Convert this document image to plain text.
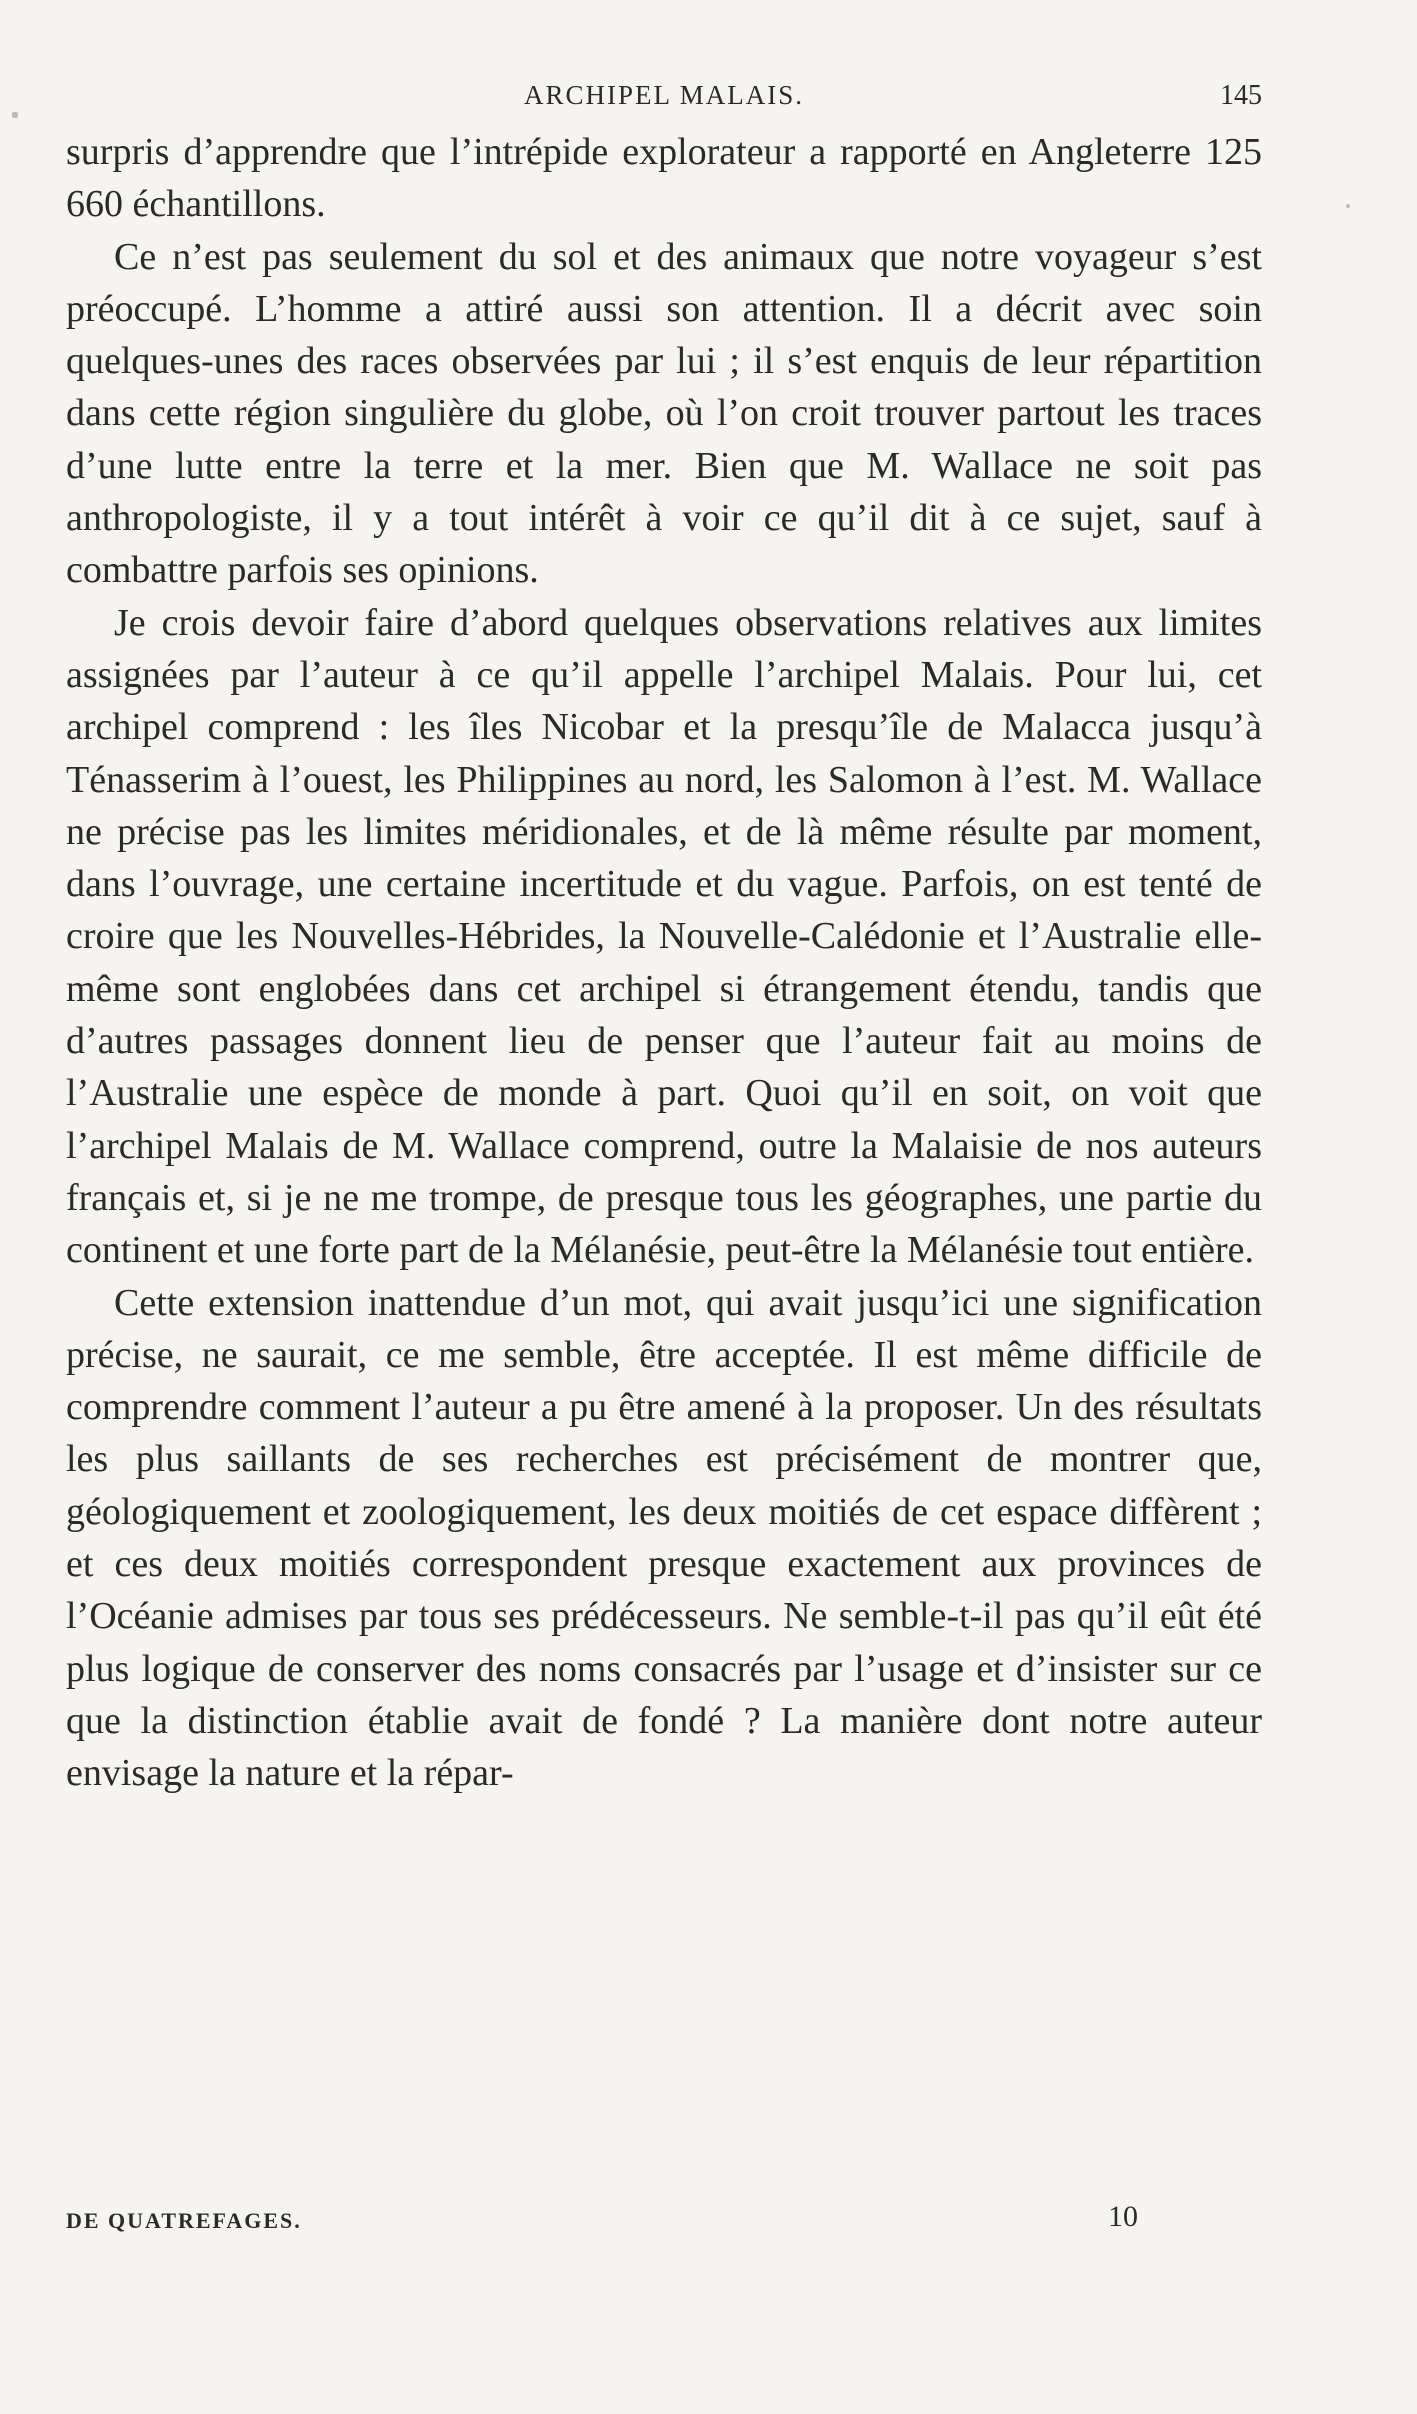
ARCHIPEL MALAIS.	145

surpris d’apprendre que l’intrépide explorateur a rapporté en Angleterre 125 660 échantillons.

Ce n’est pas seulement du sol et des animaux que notre voyageur s’est préoccupé. L’homme a attiré aussi son attention. Il a décrit avec soin quelques-unes des races observées par lui ; il s’est enquis de leur répartition dans cette région singulière du globe, où l’on croit trouver partout les traces d’une lutte entre la terre et la mer. Bien que M. Wallace ne soit pas anthropologiste, il y a tout intérêt à voir ce qu’il dit à ce sujet, sauf à combattre parfois ses opinions.

Je crois devoir faire d’abord quelques observations relatives aux limites assignées par l’auteur à ce qu’il appelle l’archipel Malais. Pour lui, cet archipel comprend : les îles Nicobar et la presqu’île de Malacca jusqu’à Ténasserim à l’ouest, les Philippines au nord, les Salomon à l’est. M. Wallace ne précise pas les limites méridionales, et de là même résulte par moment, dans l’ouvrage, une certaine incertitude et du vague. Parfois, on est tenté de croire que les Nouvelles-Hébrides, la Nouvelle-Calédonie et l’Australie elle-même sont englobées dans cet archipel si étrangement étendu, tandis que d’autres passages donnent lieu de penser que l’auteur fait au moins de l’Australie une espèce de monde à part. Quoi qu’il en soit, on voit que l’archipel Malais de M. Wallace comprend, outre la Malaisie de nos auteurs français et, si je ne me trompe, de presque tous les géographes, une partie du continent et une forte part de la Mélanésie, peut-être la Mélanésie tout entière.

Cette extension inattendue d’un mot, qui avait jusqu’ici une signification précise, ne saurait, ce me semble, être acceptée. Il est même difficile de comprendre comment l’auteur a pu être amené à la proposer. Un des résultats les plus saillants de ses recherches est précisément de montrer que, géologiquement et zoologiquement, les deux moitiés de cet espace diffèrent ; et ces deux moitiés correspondent presque exactement aux provinces de l’Océanie admises par tous ses prédécesseurs. Ne semble-t-il pas qu’il eût été plus logique de conserver des noms consacrés par l’usage et d’insister sur ce que la distinction établie avait de fondé ? La manière dont notre auteur envisage la nature et la répar-

DE QUATREFAGES.	10
